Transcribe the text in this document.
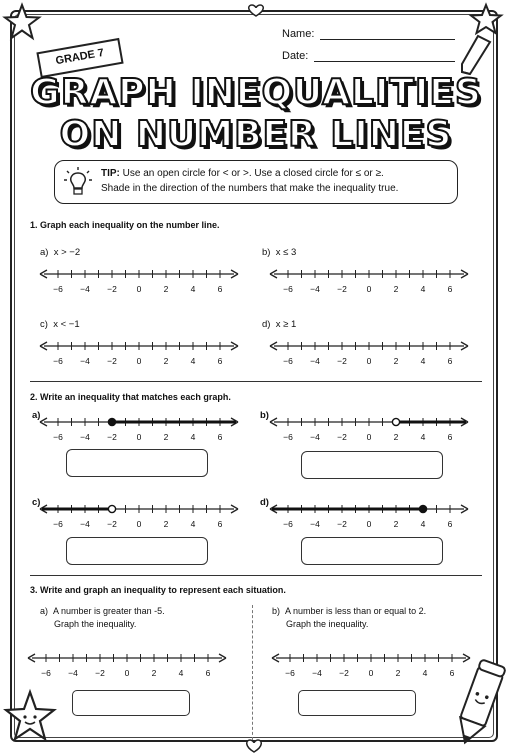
Name:
Date:
GRADE 7
GRAPH INEQUALITIES
ON NUMBER LINES
TIP: Use an open circle for < or >. Use a closed circle for ≤ or ≥.
Shade in the direction of the numbers that make the inequality true.
1. Graph each inequality on the number line.
a) x > −2	b) x ≤ 3
c) x < −1	d) x ≥ 1
−6 −4 −2 0	2	4	6	−6 −4 −2 0	2	4	6
−6 −4 −2 0	2	4	6	−6 −4 −2 0	2	4	6
2. Write an inequality that matches each graph.
a)	b)
c)	d)
−6 −4 −2 0	2	4	6	−6 −4 −2 0	2	4	6
−6 −4 −2 0	2	4	6	−6 −4 −2 0	2	4	6
3. Write and graph an inequality to represent each situation.
a) A number is greater than -5.
Graph the inequality.
b) A number is less than or equal to 2.
Graph the inequality.
−6 −4 −2 0	2	4	6	−6 −4 −2 0	2	4	6
